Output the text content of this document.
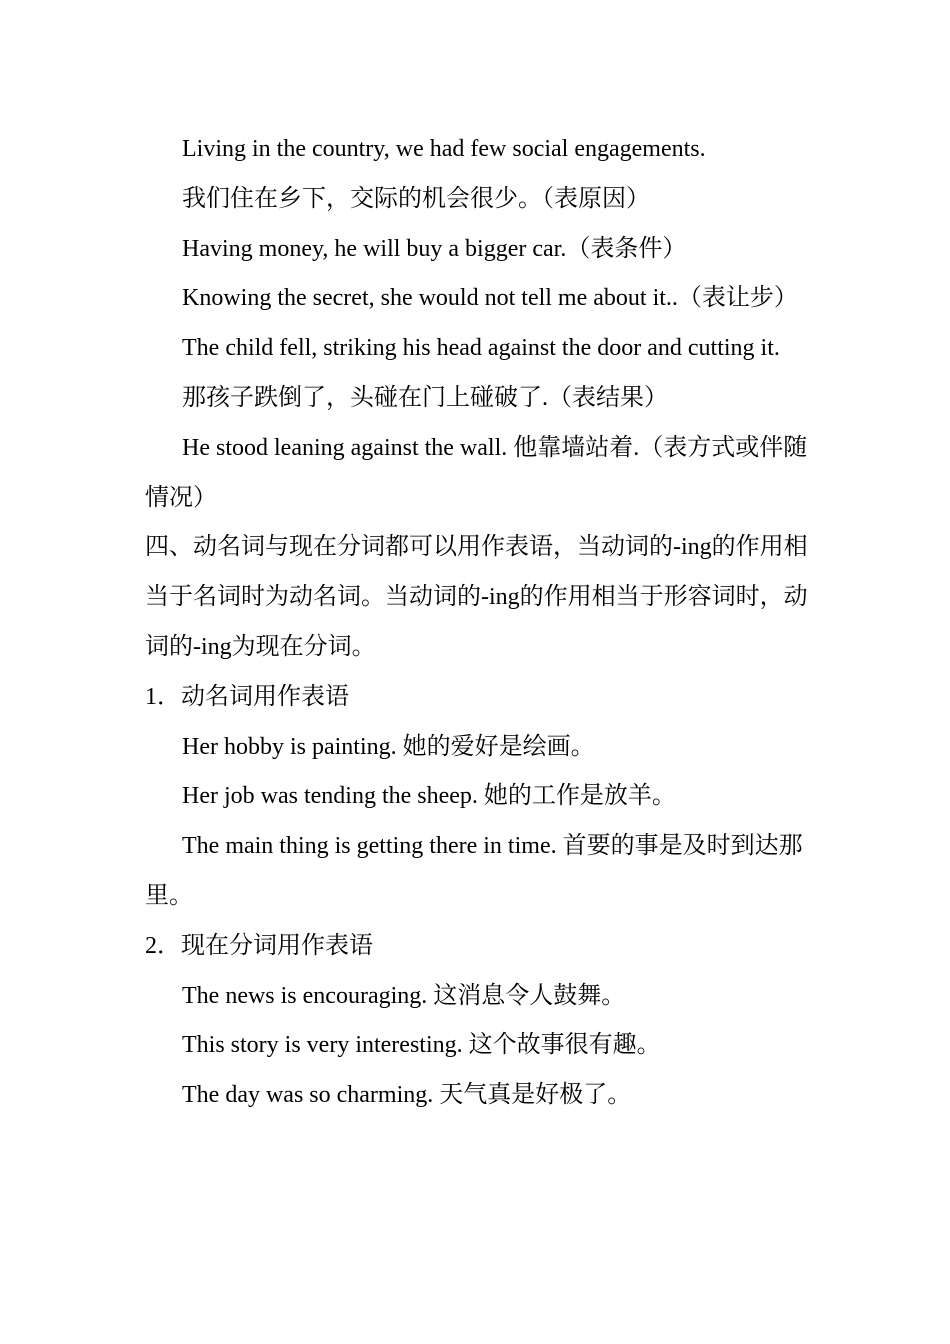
Living in the country, we had few social engagements.

我们住在乡下，交际的机会很少。（表原因）

Having money, he will buy a bigger car.（表条件）

Knowing the secret, she would not tell me about it..（表让步）

The child fell, striking his head against the door and cutting it.

那孩子跌倒了，头碰在门上碰破了.（表结果）

He stood leaning against the wall. 他靠墙站着.（表方式或伴随情况）

四、动名词与现在分词都可以用作表语，当动词的-ing的作用相当于名词时为动名词。当动词的-ing的作用相当于形容词时，动词的-ing为现在分词。

1．动名词用作表语

Her hobby is painting. 她的爱好是绘画。

Her job was tending the sheep. 她的工作是放羊。

The main thing is getting there in time. 首要的事是及时到达那里。

2．现在分词用作表语

The news is encouraging. 这消息令人鼓舞。

This story is very interesting. 这个故事很有趣。

The day was so charming. 天气真是好极了。
